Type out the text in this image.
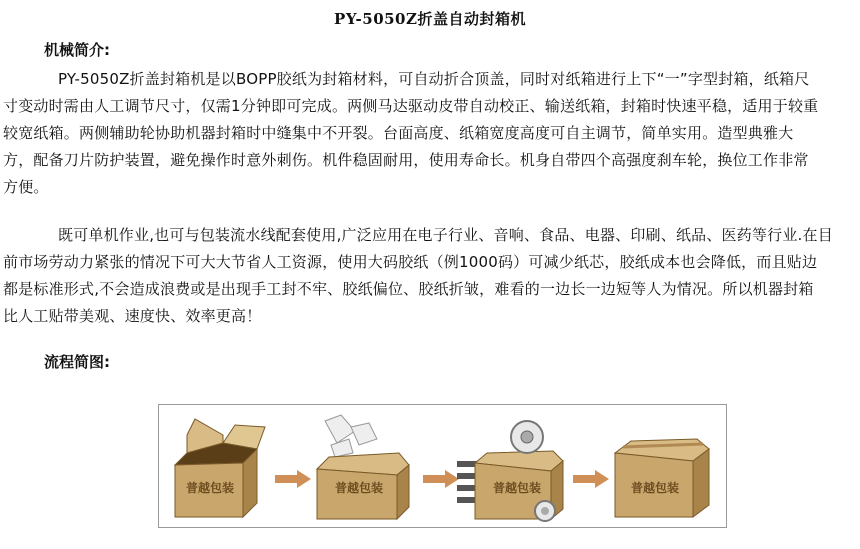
PY-5050Z折盖自动封箱机
机械简介:
PY-5050Z折盖封箱机是以BOPP胶纸为封箱材料，可自动折合顶盖，同时对纸箱进行上下“一”字型封箱，纸箱尺
寸变动时需由人工调节尺寸，仅需1分钟即可完成。两侧马达驱动皮带自动校正、输送纸箱，封箱时快速平稳，适用于较重
较宽纸箱。两侧辅助轮协助机器封箱时中缝集中不开裂。台面高度、纸箱宽度高度可自主调节，简单实用。造型典雅大
方，配备刀片防护装置，避免操作时意外刺伤。机件稳固耐用，使用寿命长。机身自带四个高强度刹车轮，换位工作非常
方便。
既可单机作业,也可与包装流水线配套使用,广泛应用在电子行业、音响、食品、电器、印刷、纸品、医药等行业.在目
前市场劳动力紧张的情况下可大大节省人工资源，使用大码胶纸（例1000码）可减少纸芯，胶纸成本也会降低，而且贴边
都是标准形式,不会造成浪费或是出现手工封不牢、胶纸偏位、胶纸折皱，难看的一边长一边短等人为情况。所以机器封箱
比人工贴带美观、速度快、效率更高！
流程简图:
普越包装	普越包装	普越包装	普越包装
